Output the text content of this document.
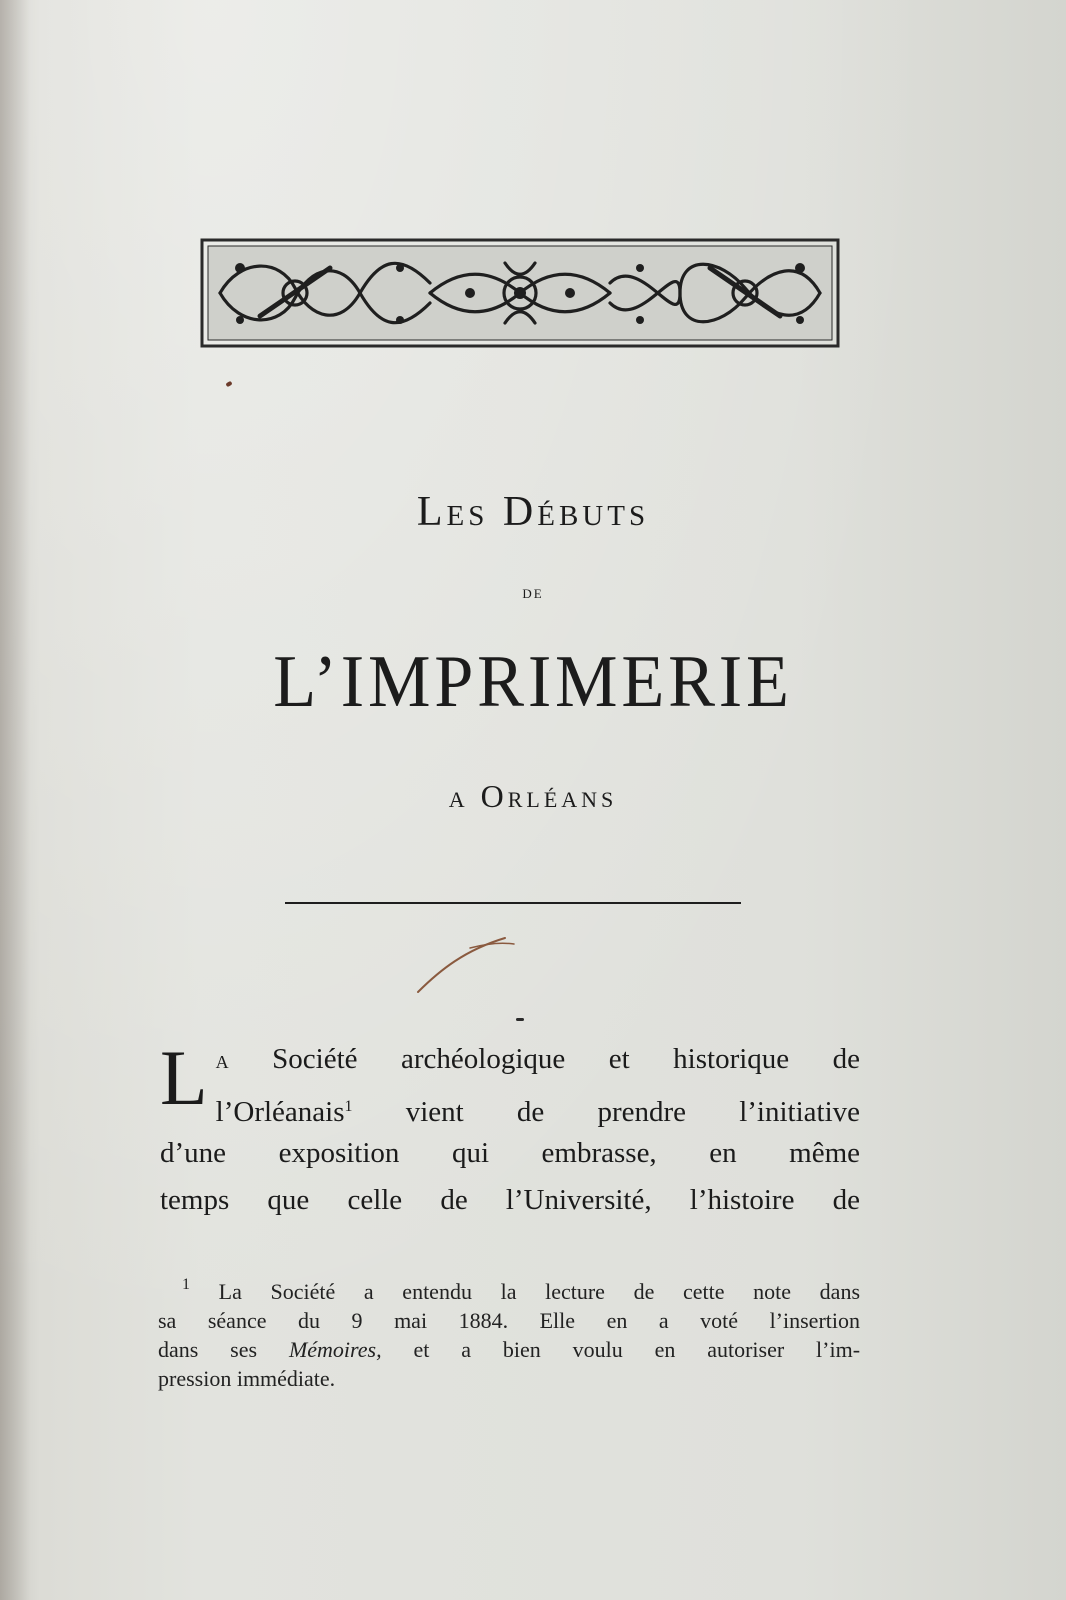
Les Débuts
DE
L’IMPRIMERIE
a Orléans
L a Société archéologique et historique de
l’Orléanais$^1$ vient de prendre l’initiative
d’une exposition qui embrasse, en même
temps que celle de l’Université, l’histoire de
$^1$ La Société a entendu la lecture de cette note dans
sa séance du 9 mai 1884. Elle en a voté l’insertion
dans ses Mémoires, et a bien voulu en autoriser l’im-
pression immédiate.
